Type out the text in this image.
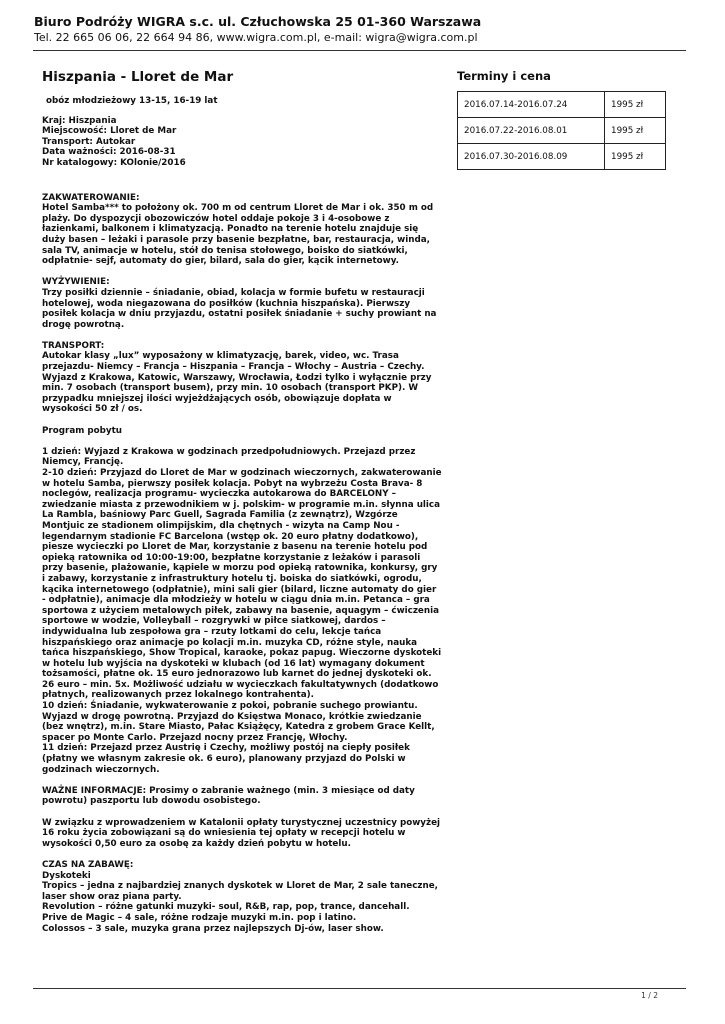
Biuro Podróży WIGRA s.c. ul. Człuchowska 25 01-360 Warszawa
Tel. 22 665 06 06, 22 664 94 86, www.wigra.com.pl, e-mail: wigra@wigra.com.pl
Hiszpania - Lloret de Mar

obóz młodzieżowy 13-15, 16-19 lat

Kraj: Hiszpania

Miejscowość: Lloret de Mar

Transport: Autokar

Data ważności: 2016-08-31

Nr katalogowy: KOlonie/2016

ZAKWATEROWANIE:

Hotel Samba*** to położony ok. 700 m od centrum Lloret de Mar i ok. 350 m od plaży. Do dyspozycji obozowiczów hotel oddaje pokoje 3 i 4-osobowe z łazienkami, balkonem i klimatyzacją. Ponadto na terenie hotelu znajduje się duży basen – leżaki i parasole przy basenie bezpłatne, bar, restauracja, winda, sala TV, animacje w hotelu, stół do tenisa stołowego, boisko do siatkówki, odpłatnie- sejf, automaty do gier, bilard, sala do gier, kącik internetowy.

WYŻYWIENIE:

Trzy posiłki dziennie – śniadanie, obiad, kolacja w formie bufetu w restauracji hotelowej, woda niegazowana do posiłków (kuchnia hiszpańska). Pierwszy posiłek kolacja w dniu przyjazdu, ostatni posiłek śniadanie + suchy prowiant na drogę powrotną.

TRANSPORT:

Autokar klasy „lux” wyposażony w klimatyzację, barek, video, wc. Trasa przejazdu- Niemcy – Francja – Hiszpania – Francja – Włochy – Austria – Czechy. Wyjazd z Krakowa, Katowic, Warszawy, Wrocławia, Łodzi tylko i wyłącznie przy min. 7 osobach (transport busem), przy min. 10 osobach (transport PKP). W przypadku mniejszej ilości wyjeżdżających osób, obowiązuje dopłata w wysokości 50 zł / os.

Program pobytu

1 dzień: Wyjazd z Krakowa w godzinach przedpołudniowych. Przejazd przez Niemcy, Francję.

2-10 dzień: Przyjazd do Lloret de Mar w godzinach wieczornych, zakwaterowanie w hotelu Samba, pierwszy posiłek kolacja. Pobyt na wybrzeżu Costa Brava- 8 noclegów, realizacja programu- wycieczka autokarowa do BARCELONY – zwiedzanie miasta z przewodnikiem w j. polskim- w programie m.in. słynna ulica La Rambla, baśniowy Parc Guell, Sagrada Familia (z zewnątrz), Wzgórze Montjuic ze stadionem olimpijskim, dla chętnych - wizyta na Camp Nou - legendarnym stadionie FC Barcelona (wstęp ok. 20 euro płatny dodatkowo), piesze wycieczki po Lloret de Mar, korzystanie z basenu na terenie hotelu pod opieką ratownika od 10:00-19:00, bezpłatne korzystanie z leżaków i parasoli przy basenie, plażowanie, kąpiele w morzu pod opieką ratownika, konkursy, gry i zabawy, korzystanie z infrastruktury hotelu tj. boiska do siatkówki, ogrodu, kącika internetowego (odpłatnie), mini sali gier (bilard, liczne automaty do gier - odpłatnie), animacje dla młodzieży w hotelu w ciągu dnia m.in. Petanca – gra sportowa z użyciem metalowych piłek, zabawy na basenie, aquagym – ćwiczenia sportowe w wodzie, Volleyball – rozgrywki w piłce siatkowej, dardos – indywidualna lub zespołowa gra – rzuty lotkami do celu, lekcje tańca hiszpańskiego oraz animacje po kolacji m.in. muzyka CD, różne style, nauka tańca hiszpańskiego, Show Tropical, karaoke, pokaz papug. Wieczorne dyskoteki w hotelu lub wyjścia na dyskoteki w klubach (od 16 lat) wymagany dokument tożsamości, płatne ok. 15 euro jednorazowo lub karnet do jednej dyskoteki ok. 26 euro – min. 5x. Możliwość udziału w wycieczkach fakultatywnych (dodatkowo płatnych, realizowanych przez lokalnego kontrahenta).

10 dzień: Śniadanie, wykwaterowanie z pokoi, pobranie suchego prowiantu. Wyjazd w drogę powrotną. Przyjazd do Księstwa Monaco, krótkie zwiedzanie (bez wnętrz), m.in. Stare Miasto, Pałac Książęcy, Katedra z grobem Grace Kellt, spacer po Monte Carlo. Przejazd nocny przez Francję, Włochy.

11 dzień: Przejazd przez Austrię i Czechy, możliwy postój na ciepły posiłek (płatny we własnym zakresie ok. 6 euro), planowany przyjazd do Polski w godzinach wieczornych.

WAŻNE INFORMACJE: Prosimy o zabranie ważnego (min. 3 miesiące od daty powrotu) paszportu lub dowodu osobistego.

W związku z wprowadzeniem w Katalonii opłaty turystycznej uczestnicy powyżej 16 roku życia zobowiązani są do wniesienia tej opłaty w recepcji hotelu w wysokości 0,50 euro za osobę za każdy dzień pobytu w hotelu.

CZAS NA ZABAWĘ:

Dyskoteki

Tropics – jedna z najbardziej znanych dyskotek w Lloret de Mar, 2 sale taneczne, laser show oraz piana party.

Revolution – różne gatunki muzyki- soul, R&B, rap, pop, trance, dancehall.

Prive de Magic – 4 sale, różne rodzaje muzyki m.in. pop i latino.

Colossos – 3 sale, muzyka grana przez najlepszych Dj-ów, laser show.

Terminy i cena
2016.07.14-2016.07.24	1995 zł
2016.07.22-2016.08.01	1995 zł
2016.07.30-2016.08.09	1995 zł
1 / 2
